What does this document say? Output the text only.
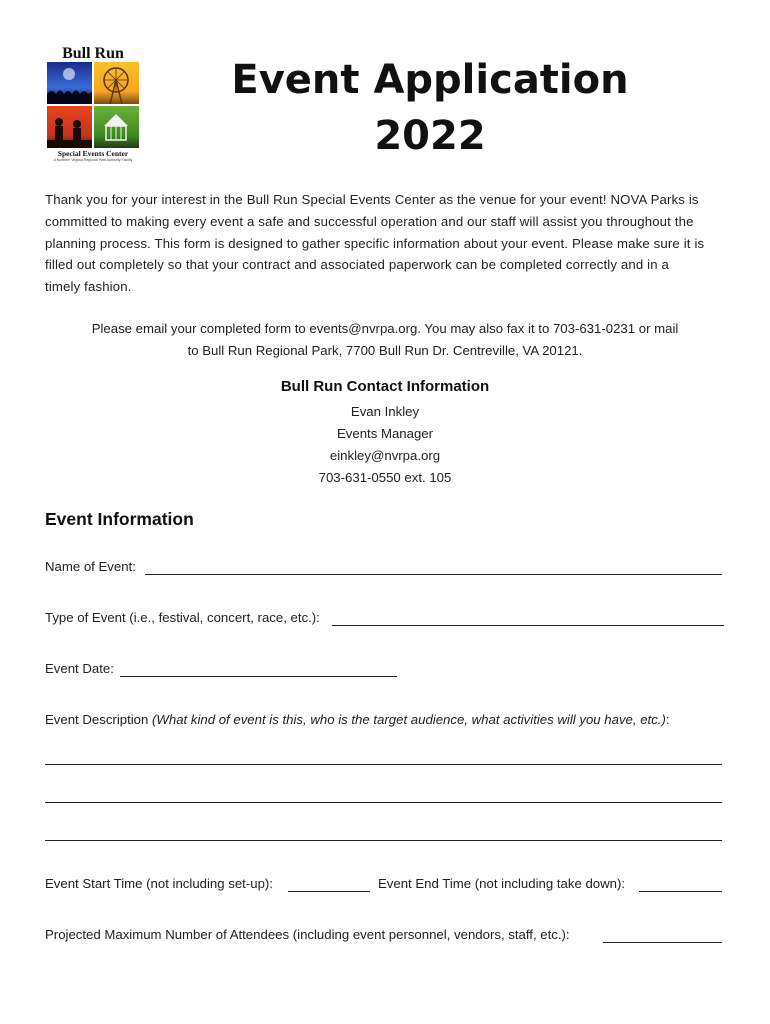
Bull Run
Special Events Center
A Northern Virginia Regional Park Authority Facility
Event Application
2022
Thank you for your interest in the Bull Run Special Events Center as the venue for your event! NOVA Parks is
committed to making every event a safe and successful operation and our staff will assist you throughout the
planning process. This form is designed to gather specific information about your event. Please make sure it is
filled out completely so that your contract and associated paperwork can be completed correctly and in a
timely fashion.
Please email your completed form to events@nvrpa.org. You may also fax it to 703-631-0231 or mail
to Bull Run Regional Park, 7700 Bull Run Dr. Centreville, VA 20121.
Bull Run Contact Information
Evan Inkley
Events Manager
einkley@nvrpa.org
703-631-0550 ext. 105
Event Information
Name of Event:
Type of Event (i.e., festival, concert, race, etc.):
Event Date:
Event Description (What kind of event is this, who is the target audience, what activities will you have, etc.):
Event Start Time (not including set-up):	Event End Time (not including take down):
Projected Maximum Number of Attendees (including event personnel, vendors, staff, etc.):
